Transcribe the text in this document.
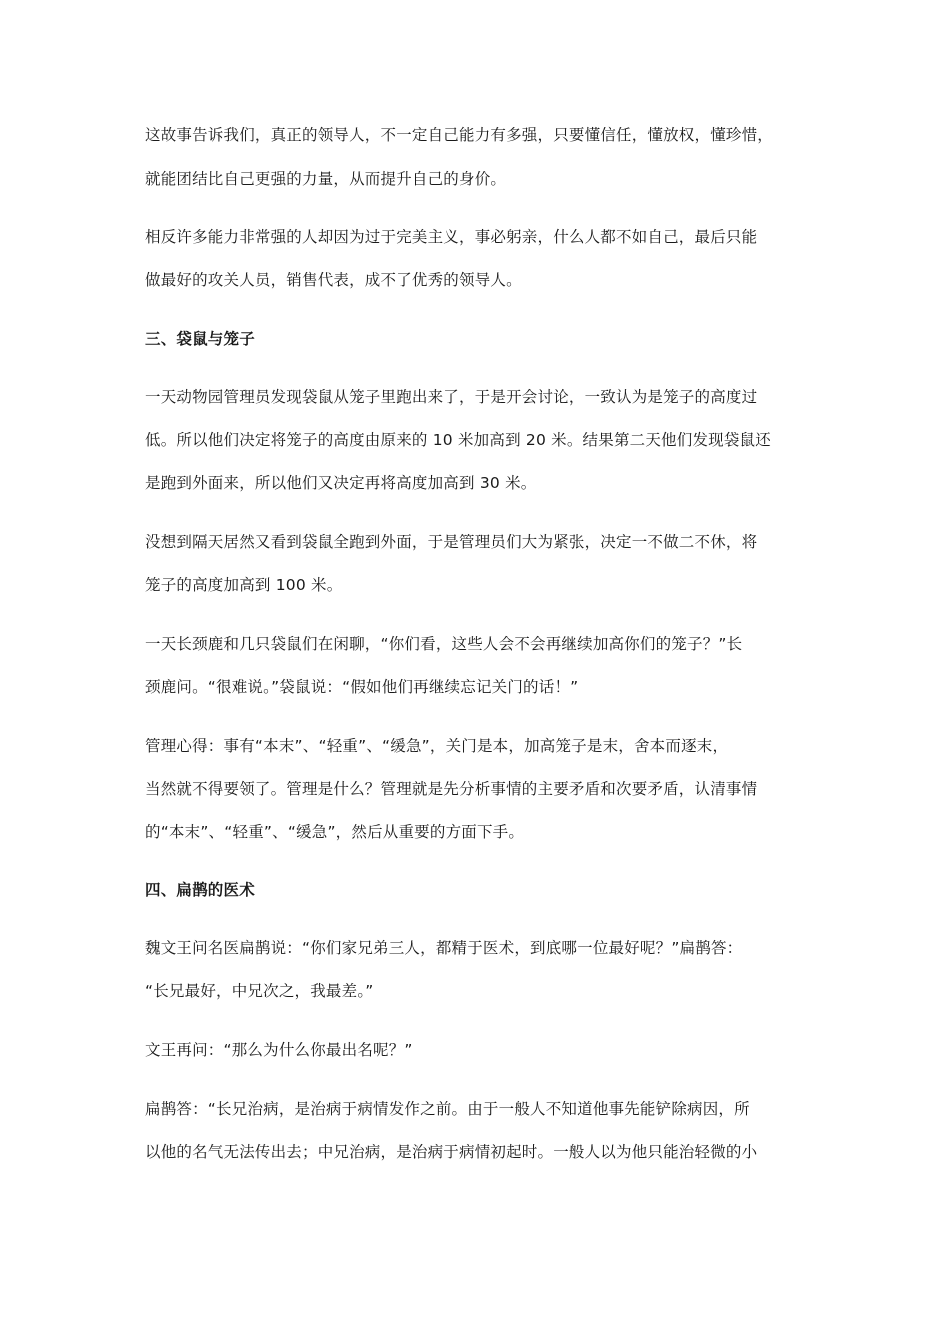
这故事告诉我们，真正的领导人，不一定自己能力有多强，只要懂信任，懂放权，懂珍惜，
就能团结比自己更强的力量，从而提升自己的身价。
相反许多能力非常强的人却因为过于完美主义，事必躬亲，什么人都不如自己，最后只能
做最好的攻关人员，销售代表，成不了优秀的领导人。
三、袋鼠与笼子
一天动物园管理员发现袋鼠从笼子里跑出来了，于是开会讨论，一致认为是笼子的高度过
低。所以他们决定将笼子的高度由原来的 10 米加高到 20 米。结果第二天他们发现袋鼠还
是跑到外面来，所以他们又决定再将高度加高到 30 米。
没想到隔天居然又看到袋鼠全跑到外面，于是管理员们大为紧张，决定一不做二不休，将
笼子的高度加高到 100 米。
一天长颈鹿和几只袋鼠们在闲聊，“你们看，这些人会不会再继续加高你们的笼子？”长
颈鹿问。“很难说。”袋鼠说：“假如他们再继续忘记关门的话！”
管理心得：事有“本末”、“轻重”、“缓急”，关门是本，加高笼子是末，舍本而逐末，
当然就不得要领了。管理是什么？管理就是先分析事情的主要矛盾和次要矛盾，认清事情
的“本末”、“轻重”、“缓急”，然后从重要的方面下手。
四、扁鹊的医术
魏文王问名医扁鹊说：“你们家兄弟三人，都精于医术，到底哪一位最好呢？”扁鹊答：
“长兄最好，中兄次之，我最差。”
文王再问：“那么为什么你最出名呢？”
扁鹊答：“长兄治病，是治病于病情发作之前。由于一般人不知道他事先能铲除病因，所
以他的名气无法传出去；中兄治病，是治病于病情初起时。一般人以为他只能治轻微的小
